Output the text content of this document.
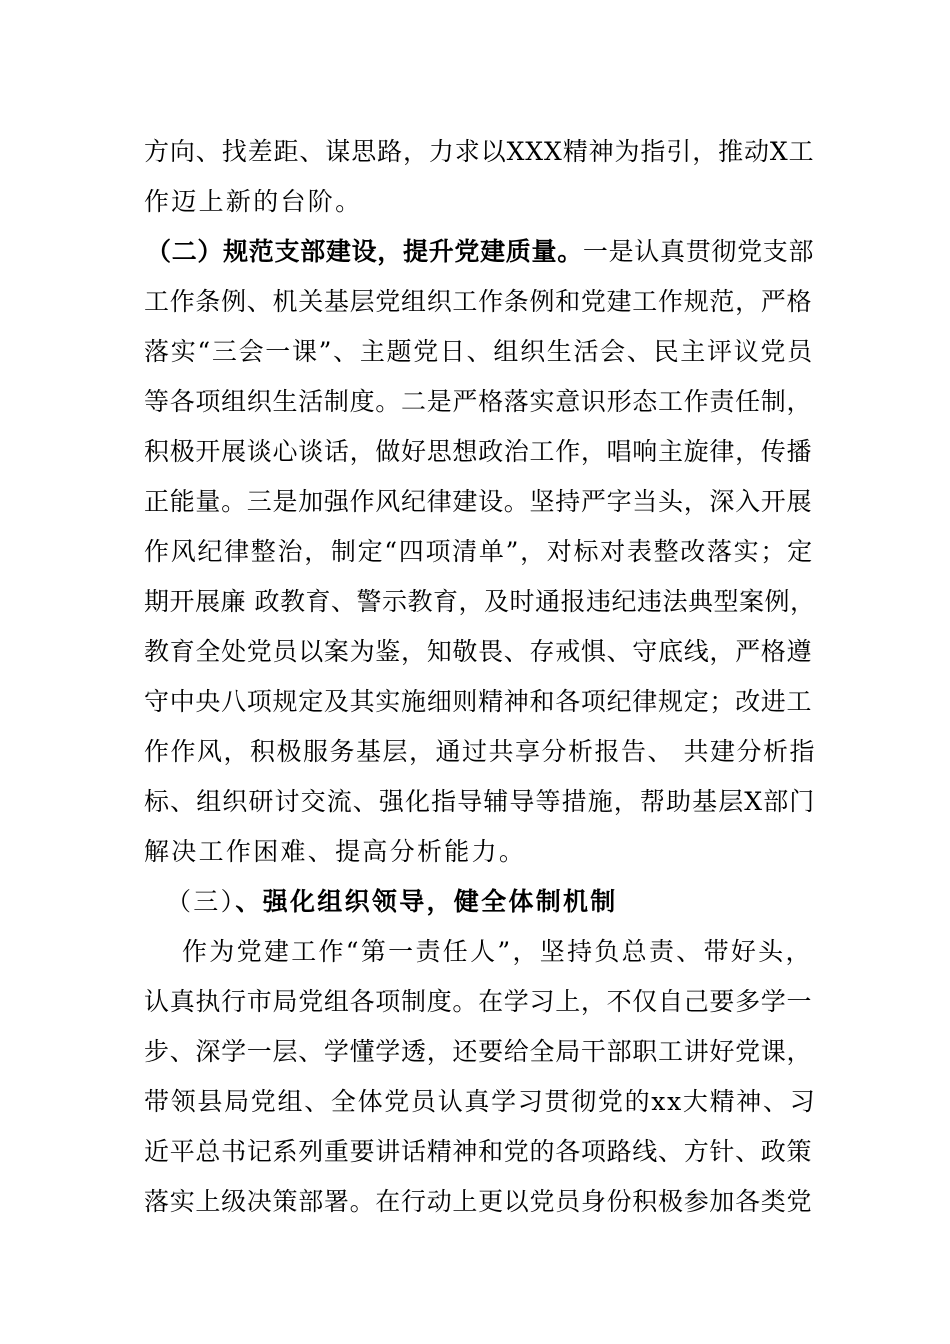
方向、找差距、谋思路，力求以XXX精神为指引，推动X工
作迈上新的台阶。
（二）规范支部建设，提升党建质量。一是认真贯彻党支部
工作条例、机关基层党组织工作条例和党建工作规范，严格
落实“三会一课”、主题党日、组织生活会、民主评议党员
等各项组织生活制度。二是严格落实意识形态工作责任制，
积极开展谈心谈话，做好思想政治工作，唱响主旋律，传播
正能量。三是加强作风纪律建设。坚持严字当头，深入开展
作风纪律整治，制定“四项清单”，对标对表整改落实；定
期开展廉 政教育、警示教育，及时通报违纪违法典型案例，
教育全处党员以案为鉴，知敬畏、存戒惧、守底线，严格遵
守中央八项规定及其实施细则精神和各项纪律规定；改进工
作作风，积极服务基层，通过共享分析报告、 共建分析指
标、组织研讨交流、强化指导辅导等措施，帮助基层X部门
解决工作困难、提高分析能力。
（三）、强化组织领导，健全体制机制
作为党建工作“第一责任人”，坚持负总责、带好头，
认真执行市局党组各项制度。在学习上，不仅自己要多学一
步、深学一层、学懂学透，还要给全局干部职工讲好党课，
带领县局党组、全体党员认真学习贯彻党的xx大精神、习
近平总书记系列重要讲话精神和党的各项路线、方针、政策
落实上级决策部署。在行动上更以党员身份积极参加各类党
